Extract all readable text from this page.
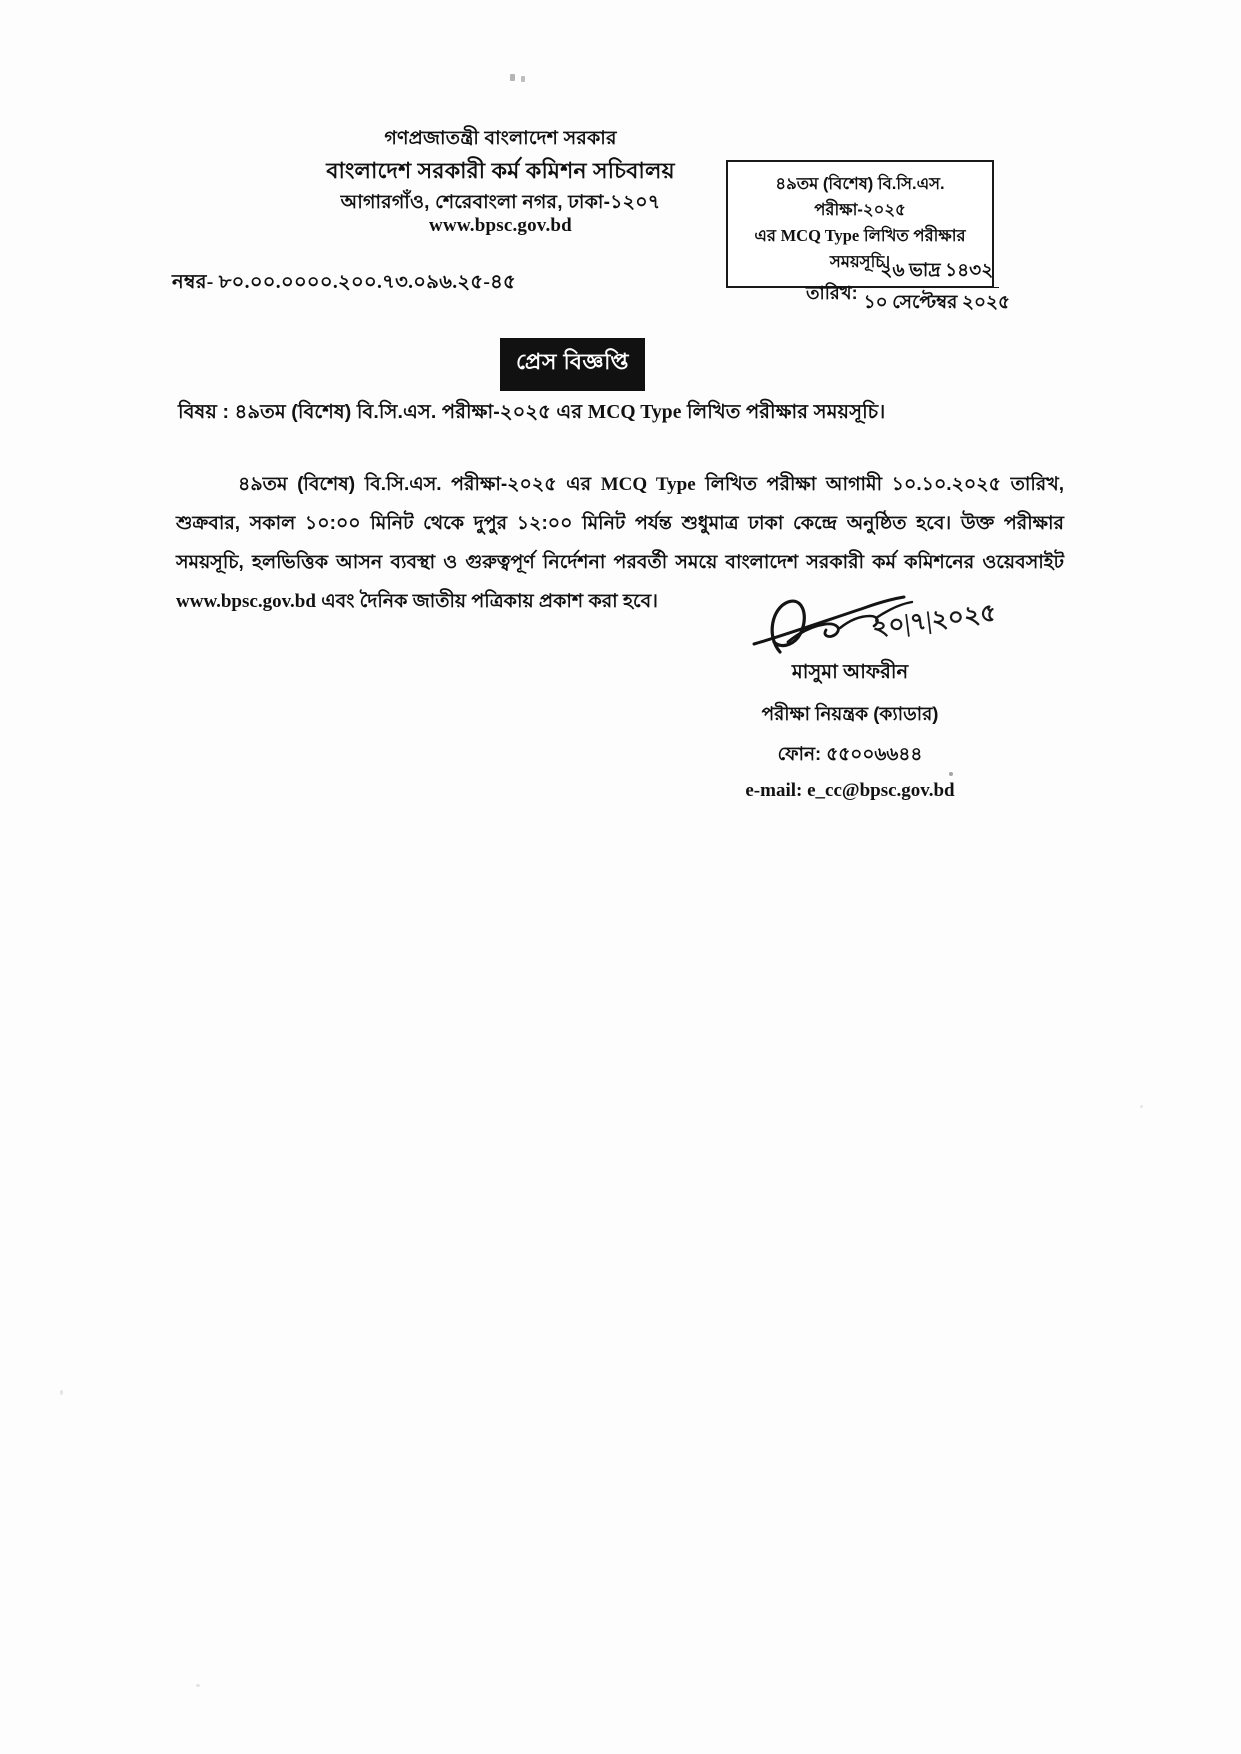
গণপ্রজাতন্ত্রী বাংলাদেশ সরকার
বাংলাদেশ সরকারী কর্ম কমিশন সচিবালয়
আগারগাঁও, শেরেবাংলা নগর, ঢাকা-১২০৭
www.bpsc.gov.bd
৪৯তম (বিশেষ) বি.সি.এস. পরীক্ষা-২০২৫
এর MCQ Type লিখিত পরীক্ষার
সময়সূচি।
নম্বর- ৮০.০০.০০০০.২০০.৭৩.০৯৬.২৫-৪৫	তারিখ:
২৬ ভাদ্র ১৪৩২
১০ সেপ্টেম্বর ২০২৫
প্রেস বিজ্ঞপ্তি
বিষয় : ৪৯তম (বিশেষ) বি.সি.এস. পরীক্ষা-২০২৫ এর MCQ Type লিখিত পরীক্ষার সময়সূচি।
৪৯তম (বিশেষ) বি.সি.এস. পরীক্ষা-২০২৫ এর MCQ Type লিখিত পরীক্ষা আগামী ১০.১০.২০২৫ তারিখ, শুক্রবার, সকাল ১০:০০ মিনিট থেকে দুপুর ১২:০০ মিনিট পর্যন্ত শুধুমাত্র ঢাকা কেন্দ্রে অনুষ্ঠিত হবে। উক্ত পরীক্ষার সময়সূচি, হলভিত্তিক আসন ব্যবস্থা ও গুরুত্বপূর্ণ নির্দেশনা পরবর্তী সময়ে বাংলাদেশ সরকারী কর্ম কমিশনের ওয়েবসাইট www.bpsc.gov.bd এবং দৈনিক জাতীয় পত্রিকায় প্রকাশ করা হবে।	২০|৭|২০২৫
মাসুমা আফরীন
পরীক্ষা নিয়ন্ত্রক (ক্যাডার)
ফোন: ৫৫০০৬৬৪৪
e-mail: e_cc@bpsc.gov.bd
